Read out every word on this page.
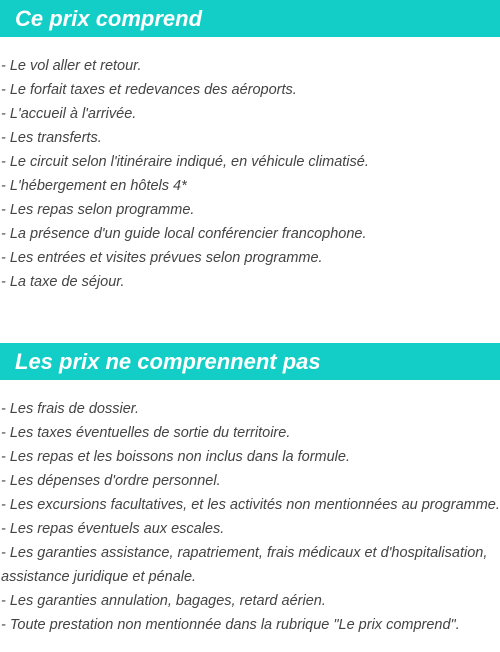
Ce prix comprend
- Le vol aller et retour.
- Le forfait taxes et redevances des aéroports.
- L'accueil à l'arrivée.
- Les transferts.
- Le circuit selon l'itinéraire indiqué, en véhicule climatisé.
- L'hébergement en hôtels 4*
- Les repas selon programme.
- La présence d'un guide local conférencier francophone.
- Les entrées et visites prévues selon programme.
- La taxe de séjour.
Les prix ne comprennent pas
- Les frais de dossier.
- Les taxes éventuelles de sortie du territoire.
- Les repas et les boissons non inclus dans la formule.
- Les dépenses d'ordre personnel.
- Les excursions facultatives, et les activités non mentionnées au programme.
- Les repas éventuels aux escales.
- Les garanties assistance, rapatriement, frais médicaux et d'hospitalisation, assistance juridique et pénale.
- Les garanties annulation, bagages, retard aérien.
- Toute prestation non mentionnée dans la rubrique "Le prix comprend".
